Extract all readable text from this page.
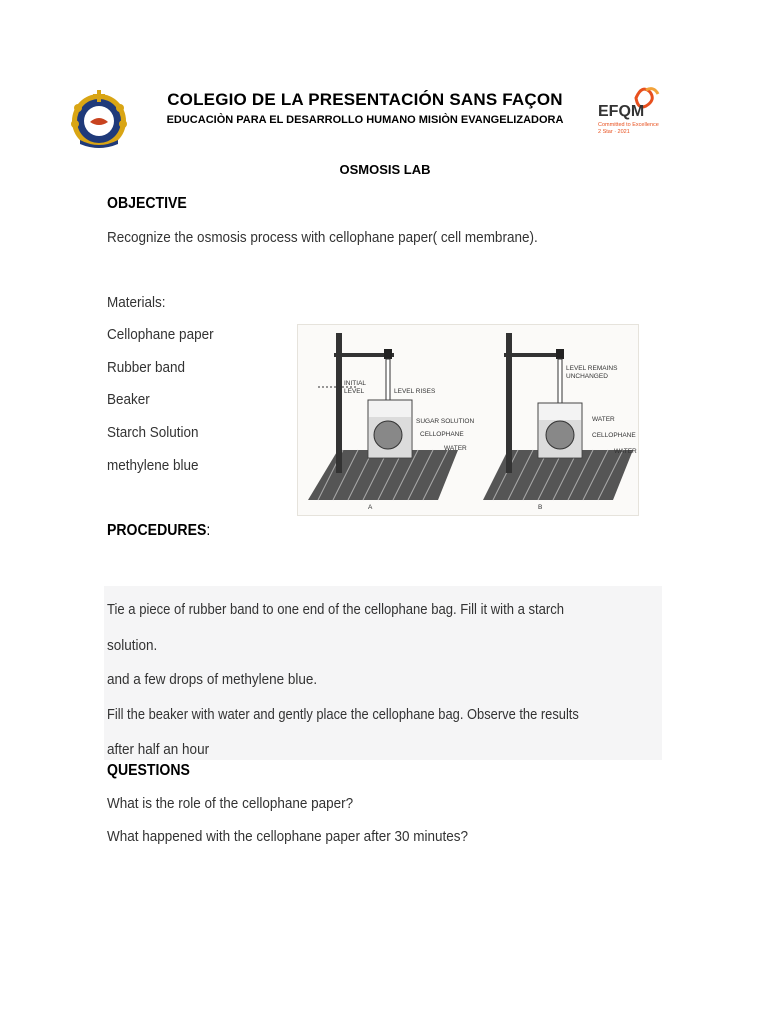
COLEGIO DE LA PRESENTACIÓN SANS FAÇON
EDUCACIÒN PARA EL DESARROLLO HUMANO MISIÒN EVANGELIZADORA	EFQM
Committed to Excellence
2 Star · 2021
OSMOSIS LAB
OBJECTIVE
Recognize the osmosis process with cellophane paper( cell membrane).
Materials:
Cellophane paper
Rubber band
Beaker
Starch Solution
methylene blue
INITIAL
LEVEL	LEVEL RISES
SUGAR SOLUTION
CELLOPHANE
WATER
A
LEVEL REMAINS
UNCHANGED
WATER
CELLOPHANE
WATER
B
PROCEDURES:
Tie a piece of rubber band to one end of the cellophane bag. Fill it with a starch
solution.
and a few drops of methylene blue.
Fill the beaker with water and gently place the cellophane bag. Observe the results
after half an hour
QUESTIONS
What is the role of the cellophane paper?
What happened with the cellophane paper after 30 minutes?
